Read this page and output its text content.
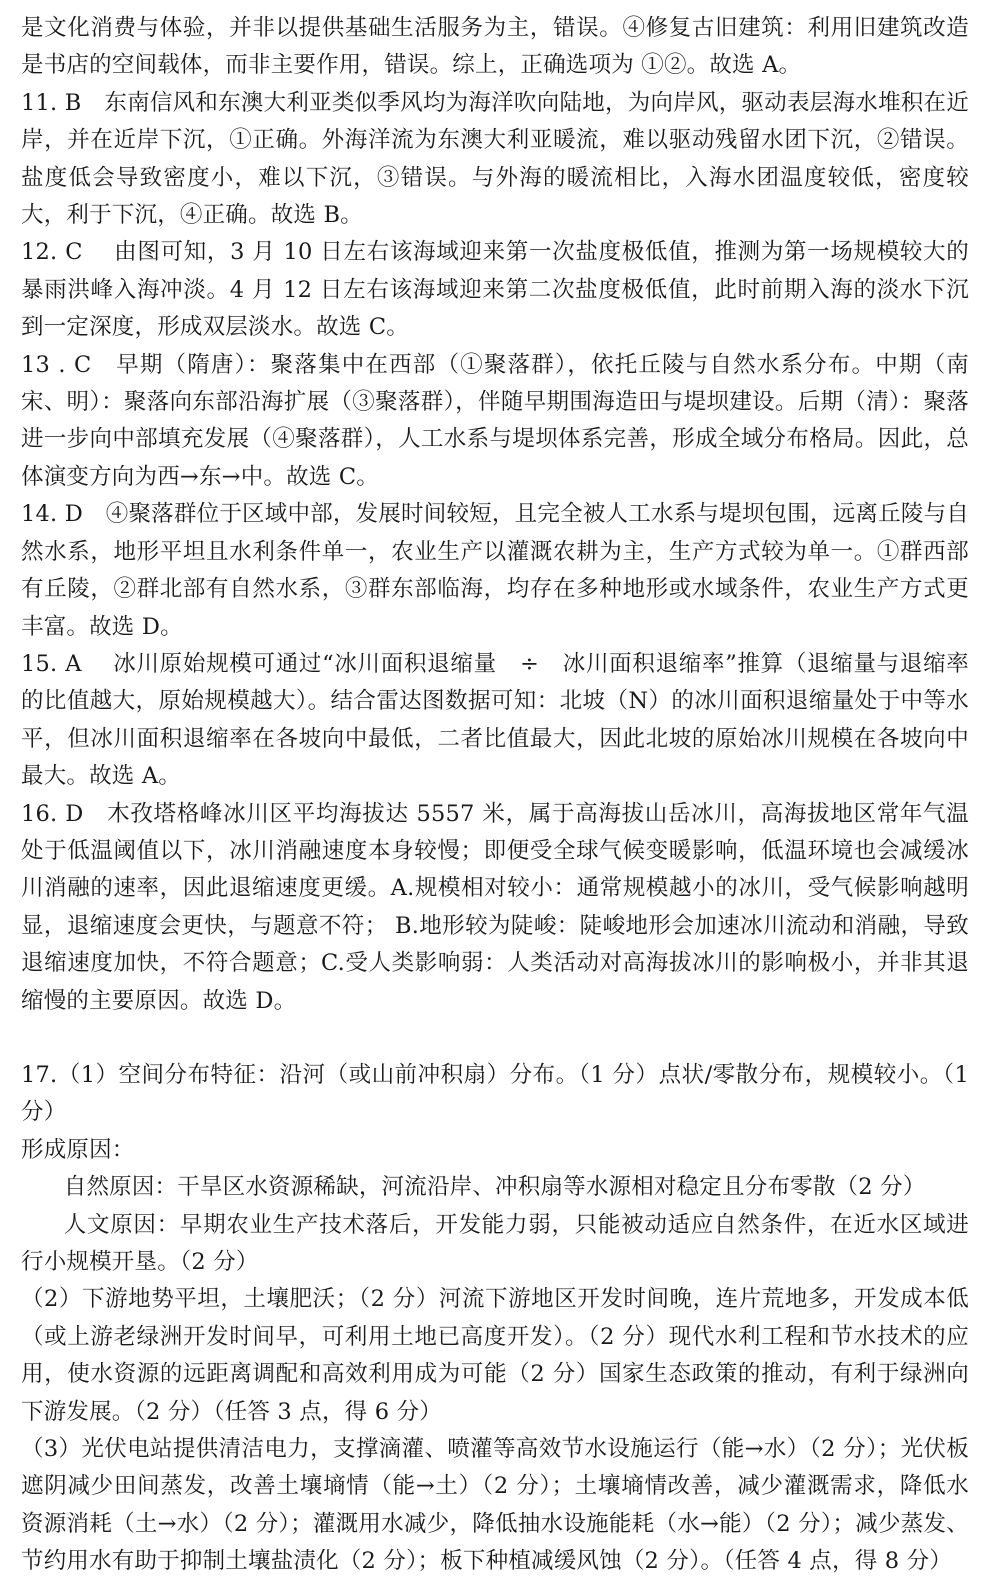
是文化消费与体验，并非以提供基础生活服务为主，错误。④修复古旧建筑：利用旧建筑改造是书店的空间载体，而非主要作用，错误。综上，正确选项为 ①②。故选 A。

11. B　东南信风和东澳大利亚类似季风均为海洋吹向陆地，为向岸风，驱动表层海水堆积在近岸，并在近岸下沉，①正确。外海洋流为东澳大利亚暖流，难以驱动残留水团下沉，②错误。盐度低会导致密度小，难以下沉，③错误。与外海的暖流相比，入海水团温度较低，密度较大，利于下沉，④正确。故选 B。

12. C　 由图可知，3 月 10 日左右该海域迎来第一次盐度极低值，推测为第一场规模较大的暴雨洪峰入海冲淡。4 月 12 日左右该海域迎来第二次盐度极低值，此时前期入海的淡水下沉到一定深度，形成双层淡水。故选 C。

13 . C　早期（隋唐）：聚落集中在西部（①聚落群），依托丘陵与自然水系分布。中期（南宋、明）：聚落向东部沿海扩展（③聚落群），伴随早期围海造田与堤坝建设。后期（清）：聚落进一步向中部填充发展（④聚落群），人工水系与堤坝体系完善，形成全域分布格局。因此，总体演变方向为西→东→中。故选 C。

14. D　④聚落群位于区域中部，发展时间较短，且完全被人工水系与堤坝包围，远离丘陵与自然水系，地形平坦且水利条件单一，农业生产以灌溉农耕为主，生产方式较为单一。①群西部有丘陵，②群北部有自然水系，③群东部临海，均存在多种地形或水域条件，农业生产方式更丰富。故选 D。

15. A　 冰川原始规模可通过“冰川面积退缩量　÷　冰川面积退缩率”推算（退缩量与退缩率的比值越大，原始规模越大）。结合雷达图数据可知：北坡（N）的冰川面积退缩量处于中等水平，但冰川面积退缩率在各坡向中最低，二者比值最大，因此北坡的原始冰川规模在各坡向中最大。故选 A。

16. D　木孜塔格峰冰川区平均海拔达 5557 米，属于高海拔山岳冰川，高海拔地区常年气温处于低温阈值以下，冰川消融速度本身较慢；即便受全球气候变暖影响，低温环境也会减缓冰川消融的速率，因此退缩速度更缓。A.规模相对较小：通常规模越小的冰川，受气候影响越明显，退缩速度会更快，与题意不符； B.地形较为陡峻：陡峻地形会加速冰川流动和消融，导致退缩速度加快，不符合题意；C.受人类影响弱：人类活动对高海拔冰川的影响极小，并非其退缩慢的主要原因。故选 D。

17.（1）空间分布特征：沿河（或山前冲积扇）分布。（1 分）点状/零散分布，规模较小。（1 分）

形成原因：

自然原因：干旱区水资源稀缺，河流沿岸、冲积扇等水源相对稳定且分布零散（2 分）

人文原因：早期农业生产技术落后，开发能力弱，只能被动适应自然条件，在近水区域进行小规模开垦。（2 分）

（2）下游地势平坦，土壤肥沃；（2 分）河流下游地区开发时间晚，连片荒地多，开发成本低（或上游老绿洲开发时间早，可利用土地已高度开发）。（2 分）现代水利工程和节水技术的应用，使水资源的远距离调配和高效利用成为可能（2 分）国家生态政策的推动，有利于绿洲向下游发展。（2 分）（任答 3 点，得 6 分）

（3）光伏电站提供清洁电力，支撑滴灌、喷灌等高效节水设施运行（能→水）（2 分）；光伏板遮阴减少田间蒸发，改善土壤墒情（能→土）（2 分）；土壤墒情改善，减少灌溉需求，降低水资源消耗（土→水）（2 分）；灌溉用水减少，降低抽水设施能耗（水→能）（2 分）；减少蒸发、节约用水有助于抑制土壤盐渍化（2 分）；板下种植减缓风蚀（2 分）。（任答 4 点，得 8 分）
